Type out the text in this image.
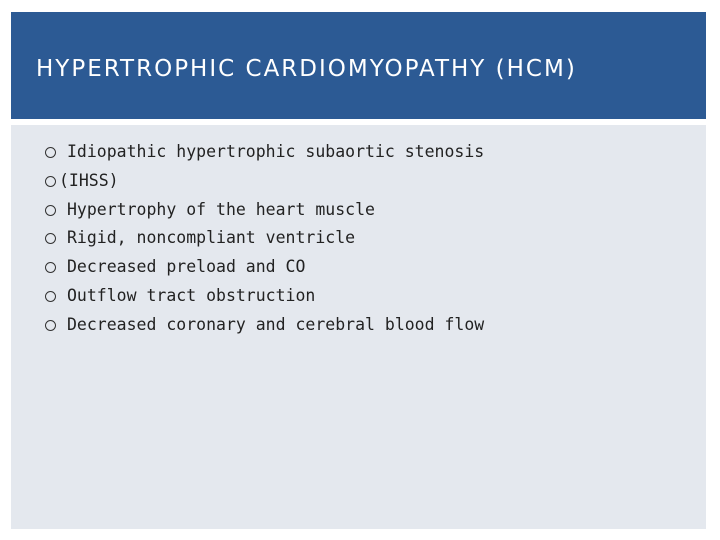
HYPERTROPHIC CARDIOMYOPATHY (HCM)
Idiopathic hypertrophic subaortic stenosis
(IHSS)
Hypertrophy of the heart muscle
Rigid, noncompliant ventricle
Decreased preload and CO
Outflow tract obstruction
Decreased coronary and cerebral blood flow
